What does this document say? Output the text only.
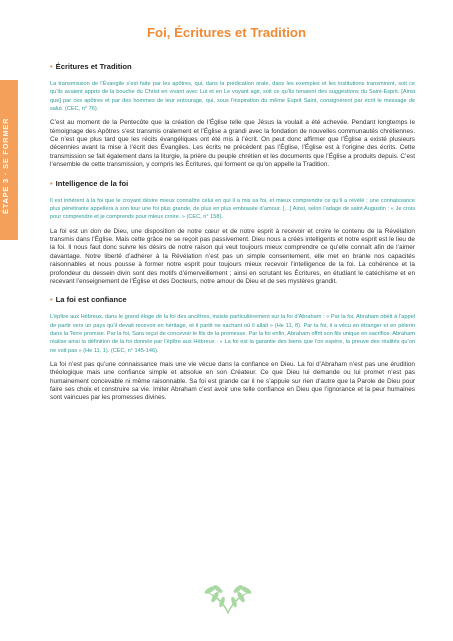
ÉTAPE 3·SE FORMER
Foi, Écritures et Tradition
• Écritures et Tradition

La transmission de l’Évangile s’est faite par les apôtres, qui, dans la prédication orale, dans les exemples et les institutions transmirent, soit ce qu’ils avaient appris de la bouche du Christ en vivant avec Lui et en Le voyant agir, soit ce qu’ils tenaient des suggestions du Saint-Esprit. [Ainsi que] par ces apôtres et par des hommes de leur entourage, qui, sous l’inspiration du même Esprit Saint, consignèrent par écrit le message de salut. (CEC, n° 76).

C’est au moment de la Pentecôte que la création de l’Église telle que Jésus la voulait a été achevée. Pendant longtemps le témoignage des Apôtres s’est transmis oralement et l’Église a grandi avec la fondation de nouvelles communautés chrétiennes. Ce n’est que plus tard que les récits évangéliques ont été mis à l’écrit. On peut donc affirmer que l’Église a existé plusieurs décennies avant la mise à l’écrit des Évangiles. Les écrits ne précèdent pas l’Église, l’Église est à l’origine des écrits. Cette transmission se fait également dans la liturgie, la prière du peuple chrétien et les documents que l’Église a produits depuis. C’est l’ensemble de cette transmission, y compris les Écritures, qui forment ce qu’on appelle la Tradition.

• Intelligence de la foi

Il est inhérent à la foi que le croyant désire mieux connaître celui en qui il a mis sa foi, et mieux comprendre ce qu’il a révélé ; une connaissance plus pénétrante appellera à son tour une foi plus grande, de plus en plus embrasée d’amour. […] Ainsi, selon l’adage de saint Augustin : « Je crois pour comprendre et je comprends pour mieux croire. » (CEC, n° 158).

La foi est un don de Dieu, une disposition de notre cœur et de notre esprit à recevoir et croire le contenu de la Révélation transmis dans l’Église. Mais cette grâce ne se reçoit pas passivement. Dieu nous a créés intelligents et notre esprit est le lieu de la foi. Il nous faut donc suivre les désirs de notre raison qui veut toujours mieux comprendre ce qu’elle connaît afin de l’aimer davantage. Notre liberté d’adhérer à la Révélation n’est pas un simple consentement, elle met en branle nos capacités raisonnables et nous pousse à former notre esprit pour toujours mieux recevoir l’intelligence de la foi. La cohérence et la profondeur du dessein divin sont des motifs d’émerveillement ; ainsi en scrutant les Écritures, en étudiant le catéchisme et en recevant l’enseignement de l’Église et des Docteurs, notre amour de Dieu et de ses mystères grandit.

• La foi est confiance

L’épître aux Hébreux, dans le grand éloge de la foi des ancêtres, insiste particulièrement sur la foi d’Abraham : « Par la foi, Abraham obéit à l’appel de partir vers un pays qu’il devait recevoir en héritage, et il partit ne sachant où il allait » (He 11, 8). Par la foi, il a vécu en étranger et en pèlerin dans la Terre promise. Par la foi, Sara reçut de concevoir le fils de la promesse. Par la foi enfin, Abraham offrit son fils unique en sacrifice. Abraham réalise ainsi la définition de la foi donnée par l’épître aux Hébreux : « La foi est la garantie des biens que l’on espère, la preuve des réalités qu’on ne voit pas » (He 11, 1). (CEC, n° 145-146).

La foi n’est pas qu’une connaissance mais une vie vécue dans la confiance en Dieu. La foi d’Abraham n’est pas une érudition théologique mais une confiance simple et absolue en son Créateur. Ce que Dieu lui demande ou lui promet n’est pas humainement concevable ni même raisonnable. Sa foi est grande car il ne s’appuie sur rien d’autre que la Parole de Dieu pour faire ses choix et construire sa vie. Imiter Abraham c’est avoir une telle confiance en Dieu que l’ignorance et la peur humaines sont vaincues par les promesses divines.
